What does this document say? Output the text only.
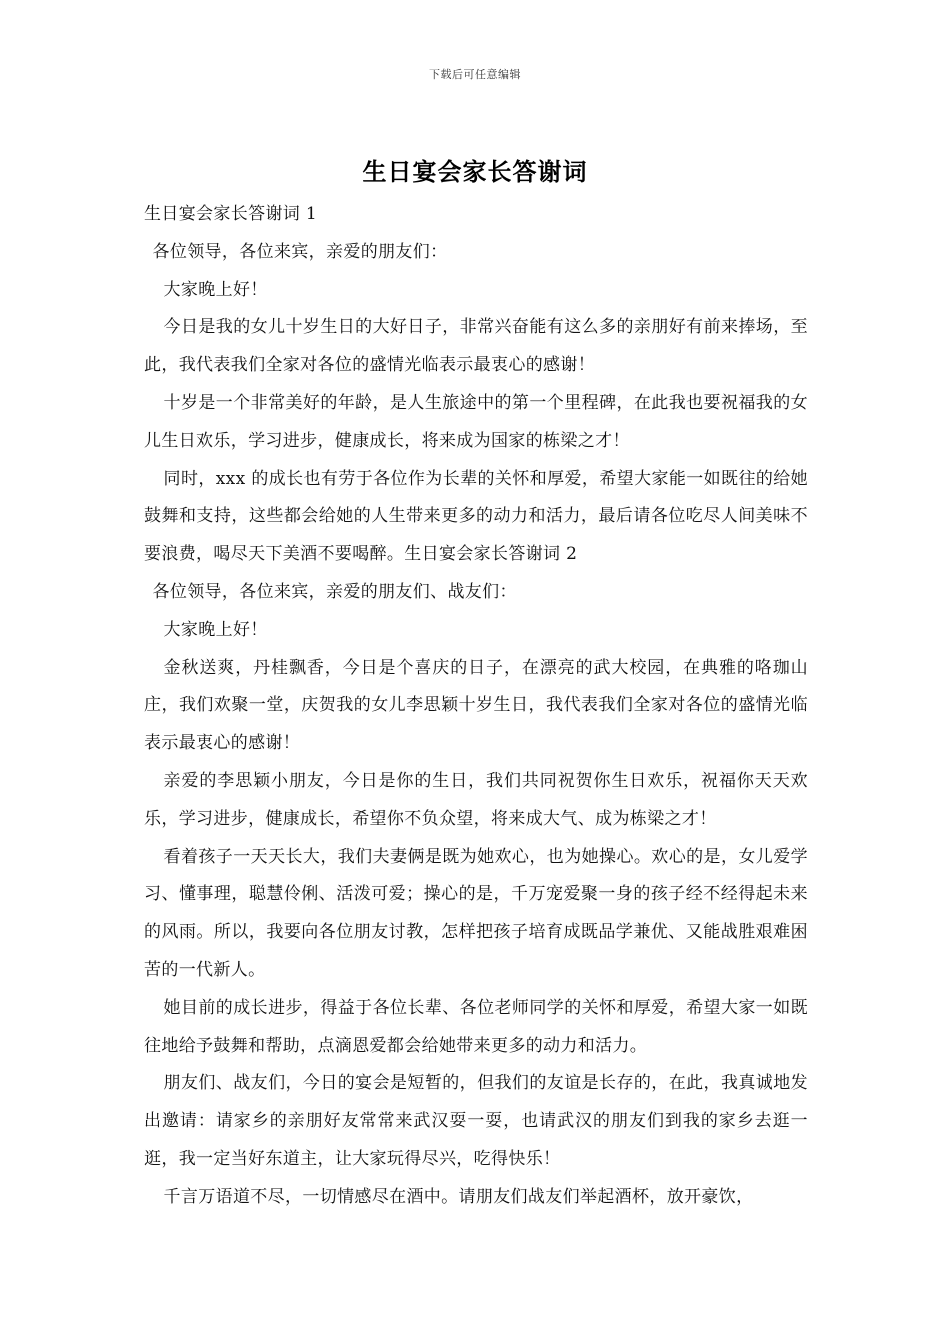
下载后可任意编辑
生日宴会家长答谢词

生日宴会家长答谢词 1

各位领导，各位来宾，亲爱的朋友们：

大家晚上好！

今日是我的女儿十岁生日的大好日子，非常兴奋能有这么多的亲朋好有前来捧场，至此，我代表我们全家对各位的盛情光临表示最衷心的感谢！

十岁是一个非常美好的年龄，是人生旅途中的第一个里程碑，在此我也要祝福我的女儿生日欢乐，学习进步，健康成长，将来成为国家的栋梁之才！

同时，xxx 的成长也有劳于各位作为长辈的关怀和厚爱，希望大家能一如既往的给她鼓舞和支持，这些都会给她的人生带来更多的动力和活力，最后请各位吃尽人间美味不要浪费，喝尽天下美酒不要喝醉。生日宴会家长答谢词 2

各位领导，各位来宾，亲爱的朋友们、战友们：

大家晚上好！

金秋送爽，丹桂飘香，今日是个喜庆的日子，在漂亮的武大校园，在典雅的咯珈山庄，我们欢聚一堂，庆贺我的女儿李思颖十岁生日，我代表我们全家对各位的盛情光临表示最衷心的感谢！

亲爱的李思颖小朋友，今日是你的生日，我们共同祝贺你生日欢乐，祝福你天天欢乐，学习进步，健康成长，希望你不负众望，将来成大气、成为栋梁之才！

看着孩子一天天长大，我们夫妻俩是既为她欢心，也为她操心。欢心的是，女儿爱学习、懂事理，聪慧伶俐、活泼可爱；操心的是，千万宠爱聚一身的孩子经不经得起未来的风雨。所以，我要向各位朋友讨教，怎样把孩子培育成既品学兼优、又能战胜艰难困苦的一代新人。

她目前的成长进步，得益于各位长辈、各位老师同学的关怀和厚爱，希望大家一如既往地给予鼓舞和帮助，点滴恩爱都会给她带来更多的动力和活力。

朋友们、战友们，今日的宴会是短暂的，但我们的友谊是长存的，在此，我真诚地发出邀请：请家乡的亲朋好友常常来武汉耍一耍，也请武汉的朋友们到我的家乡去逛一逛，我一定当好东道主，让大家玩得尽兴，吃得快乐！

千言万语道不尽，一切情感尽在酒中。请朋友们战友们举起酒杯，放开豪饮，
